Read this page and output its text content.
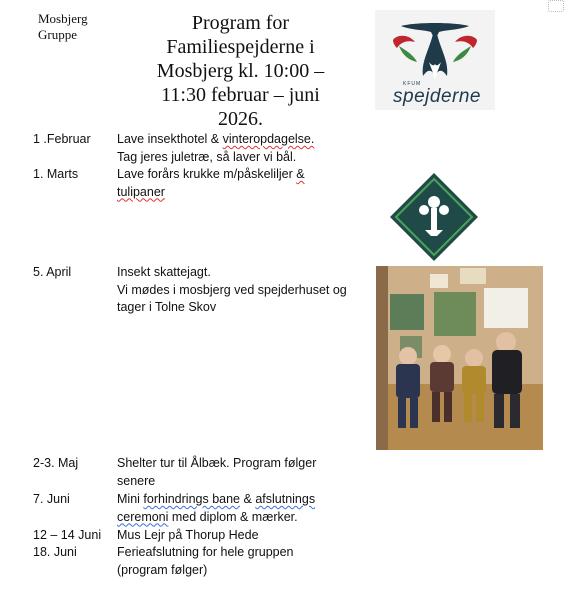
Mosbjerg
Gruppe
Program for
Familiespejderne i
Mosbjerg kl. 10:00 –
11:30 februar – juni
2026.
KFUM
spejderne
1 .Februar Lave insekthotel & vinteropdagelse.
Tag jeres juletræ, så laver vi bål.
1. Marts	Lave forårs krukke m/påskeliljer &
tulipaner
5. April	Insekt skattejagt.
Vi mødes i mosbjerg ved spejderhuset og
tager i Tolne Skov
2-3. Maj	Shelter tur til Ålbæk. Program følger
senere
7. Juni	Mini forhindrings bane & afslutnings
ceremoni med diplom & mærker.
12 – 14 Juni Mus Lejr på Thorup Hede
18. Juni	Ferieafslutning for hele gruppen
(program følger)
